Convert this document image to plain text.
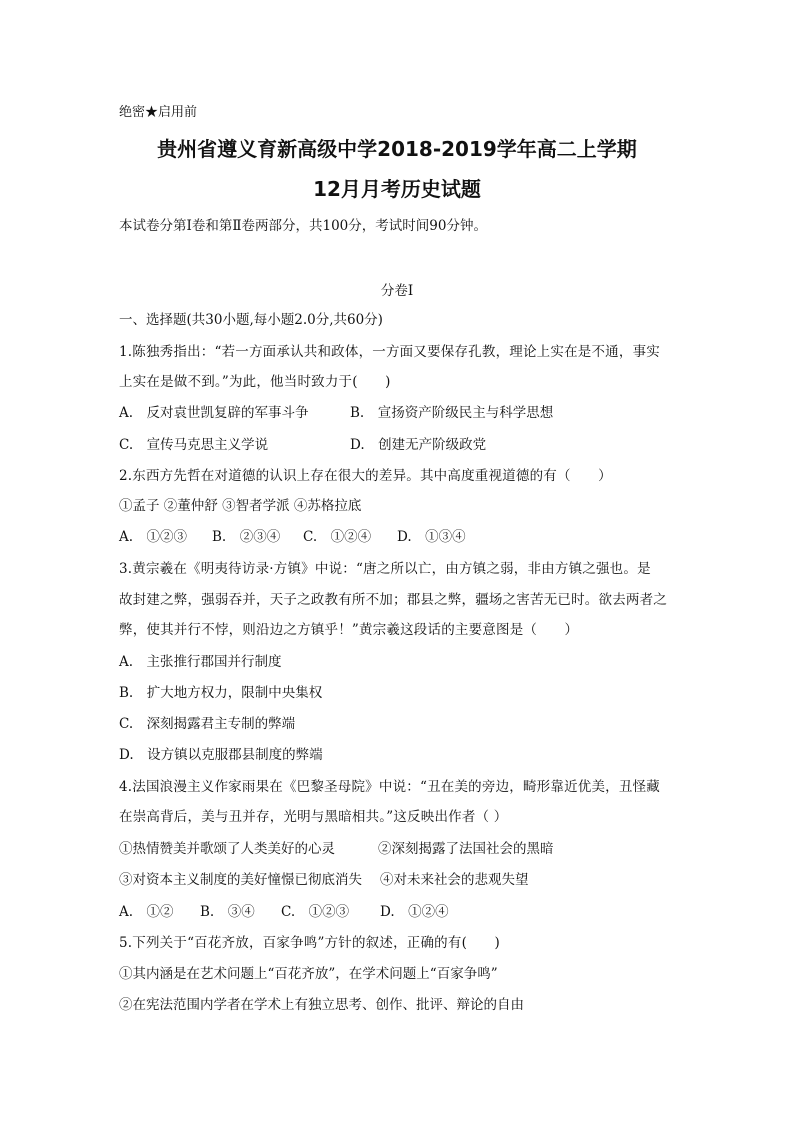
绝密★启用前
贵州省遵义育新高级中学2018-2019学年高二上学期
12月月考历史试题
本试卷分第Ⅰ卷和第Ⅱ卷两部分，共100分，考试时间90分钟。
分卷I
一、选择题(共30小题,每小题2.0分,共60分)
1.陈独秀指出：“若一方面承认共和政体，一方面又要保存孔教，理论上实在是不通，事实
上实在是做不到。”为此，他当时致力于(　　)
A.　反对袁世凯复辟的军事斗争	B.　宣扬资产阶级民主与科学思想
C.　宣传马克思主义学说	D.　创建无产阶级政党
2.东西方先哲在对道德的认识上存在很大的差异。其中高度重视道德的有（　　）
①孟子 ②董仲舒 ③智者学派 ④苏格拉底
A.　①②③ B.　②③④ C.　①②④ D.　①③④
3.黄宗羲在《明夷待访录·方镇》中说：“唐之所以亡，由方镇之弱，非由方镇之强也。是
故封建之弊，强弱吞并，天子之政教有所不加；郡县之弊，疆场之害苦无已时。欲去两者之
弊，使其并行不悖，则沿边之方镇乎！”黄宗羲这段话的主要意图是（　　）
A.　主张推行郡国并行制度
B.　扩大地方权力，限制中央集权
C.　深刻揭露君主专制的弊端
D.　设方镇以克服郡县制度的弊端
4.法国浪漫主义作家雨果在《巴黎圣母院》中说：“丑在美的旁边，畸形靠近优美，丑怪藏
在崇高背后，美与丑并存，光明与黑暗相共。”这反映出作者（ ）
①热情赞美并歌颂了人类美好的心灵	②深刻揭露了法国社会的黑暗
③对资本主义制度的美好憧憬已彻底消失 ④对未来社会的悲观失望
A.　①② B.　③④ C.　①②③ D.　①②④
5.下列关于“百花齐放，百家争鸣”方针的叙述，正确的有(　　)
①其内涵是在艺术问题上“百花齐放”，在学术问题上“百家争鸣”
②在宪法范围内学者在学术上有独立思考、创作、批评、辩论的自由
